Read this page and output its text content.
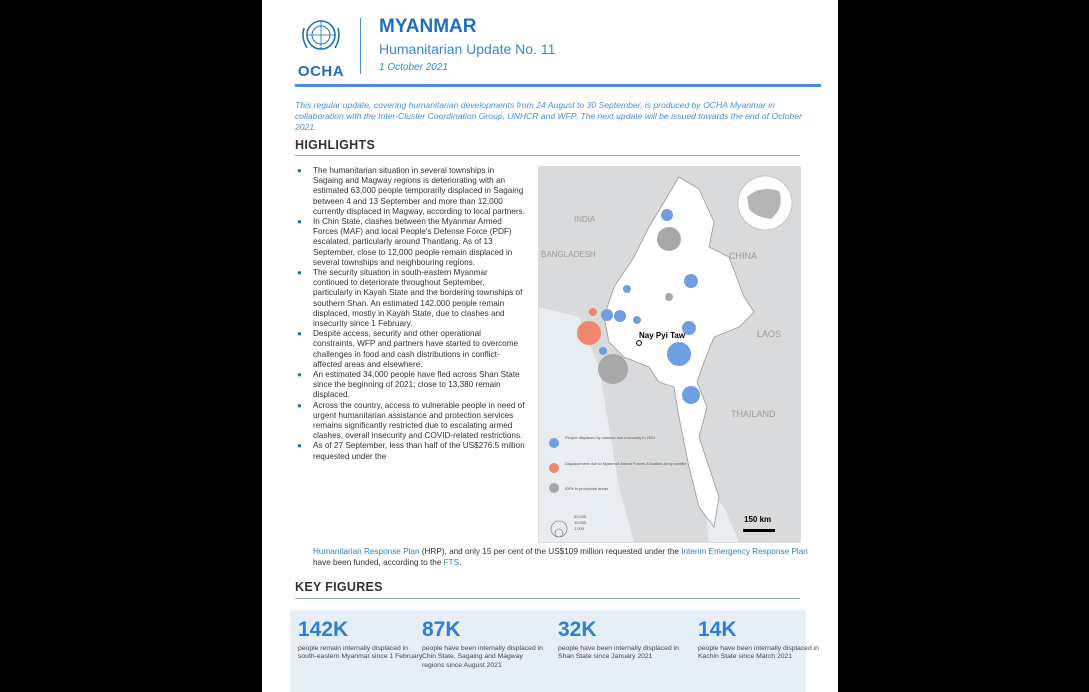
OCHA
MYANMAR
Humanitarian Update No. 11
1 October 2021
This regular update, covering humanitarian developments from 24 August to 30 September, is produced by OCHA Myanmar in collaboration with the Inter-Cluster Coordination Group, UNHCR and WFP. The next update will be issued towards the end of October 2021.
HIGHLIGHTS
● The humanitarian situation in several townships in Sagaing and Magway regions is deteriorating with an estimated 63,000 people temporarily displaced in Sagaing between 4 and 13 September and more than 12,000 currently displaced in Magway, according to local partners.
● In Chin State, clashes between the Myanmar Armed Forces (MAF) and local People's Defense Force (PDF) escalated, particularly around Thantlang. As of 13 September, close to 12,000 people remain displaced in several townships and neighbouring regions.
● The security situation in south-eastern Myanmar continued to deteriorate throughout September, particularly in Kayah State and the bordering townships of southern Shan. An estimated 142,000 people remain displaced, mostly in Kayah State, due to clashes and insecurity since 1 February.
● Despite access, security and other operational constraints, WFP and partners have started to overcome challenges in food and cash distributions in conflict-affected areas and elsewhere.
● An estimated 34,000 people have fled across Shan State since the beginning of 2021; close to 13,380 remain displaced.
● Across the country, access to vulnerable people in need of urgent humanitarian assistance and protection services remains significantly restricted due to escalating armed clashes, overall insecurity and COVID-related restrictions.
● As of 27 September, less than half of the US$276.5 million requested under the
Humanitarian Response Plan (HRP), and only 15 per cent of the US$109 million requested under the Interim Emergency Response Plan have been funded, according to the FTS.
INDIA
BANGLADESH	CHINA
LAOS
THAILAND
Nay Pyi Taw
People displaced by clashes and insecurity in 2021
Displacement due to Myanmar Armed Forces & Arakan Army conflict
IDPs in protracted areas
50,000
10,000
1,000
150 km
KEY FIGURES
142K
people remain internally displaced in south-eastern Myanmar since 1 February
87K
people have been internally displaced in Chin State, Sagaing and Magway regions since August 2021
32K
people have been internally displaced in Shan State since January 2021
14K
people have been internally displaced in Kachin State since March 2021
